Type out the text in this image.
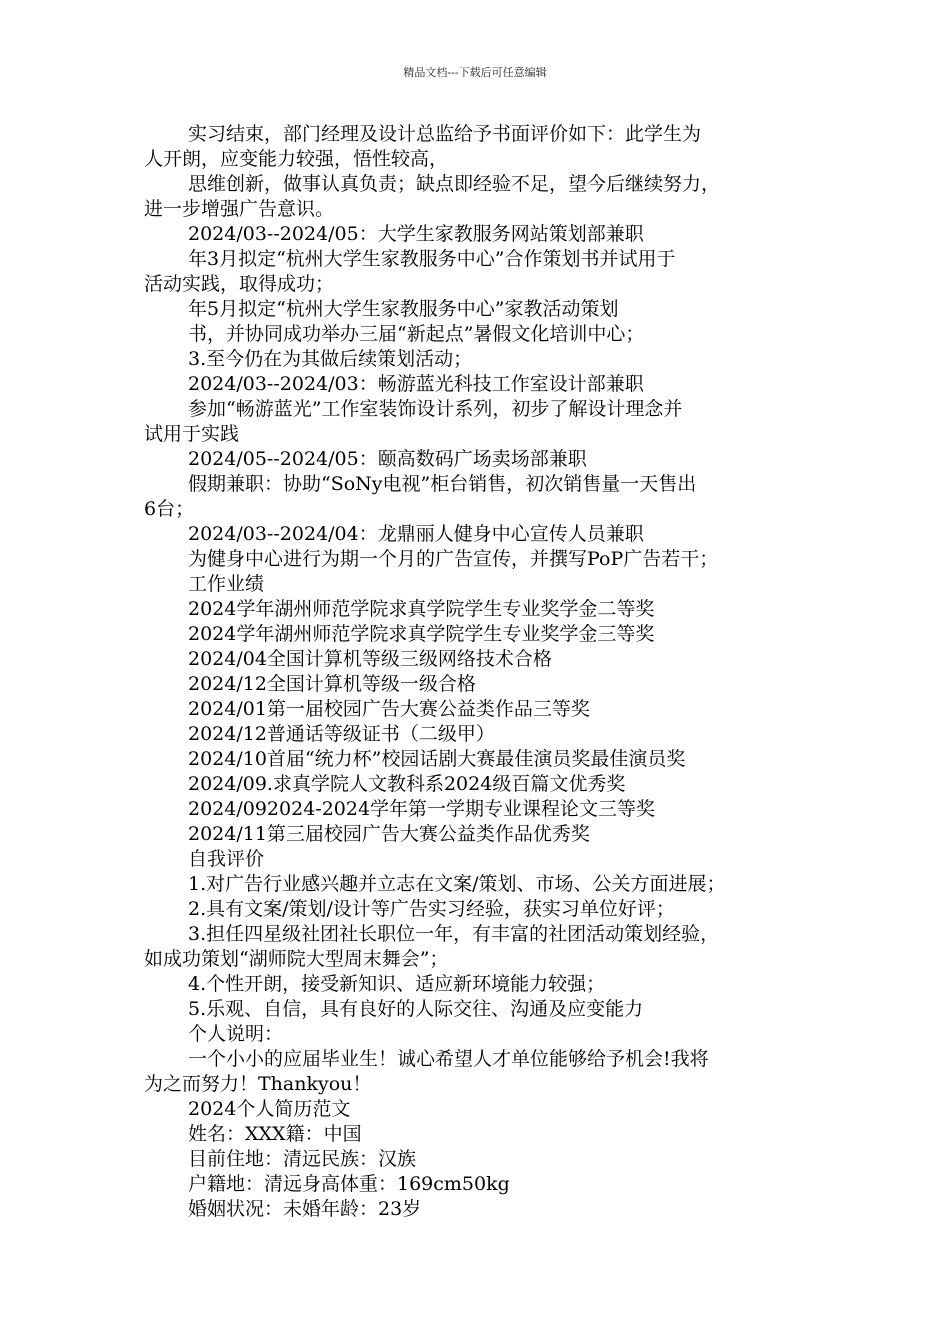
精品文档---下载后可任意编辑

实习结束，部门经理及设计总监给予书面评价如下：此学生为

人开朗，应变能力较强，悟性较高，

思维创新，做事认真负责；缺点即经验不足，望今后继续努力，

进一步增强广告意识。

2024/03--2024/05：大学生家教服务网站策划部兼职

年3月拟定“杭州大学生家教服务中心”合作策划书并试用于

活动实践，取得成功；

年5月拟定“杭州大学生家教服务中心”家教活动策划

书，并协同成功举办三届“新起点”暑假文化培训中心；

3.至今仍在为其做后续策划活动；

2024/03--2024/03：畅游蓝光科技工作室设计部兼职

参加“畅游蓝光”工作室装饰设计系列，初步了解设计理念并

试用于实践

2024/05--2024/05：颐高数码广场卖场部兼职

假期兼职：协助“SoNy电视”柜台销售，初次销售量一天售出

6台；

2024/03--2024/04：龙鼎丽人健身中心宣传人员兼职

为健身中心进行为期一个月的广告宣传，并撰写PoP广告若干；

工作业绩

2024学年湖州师范学院求真学院学生专业奖学金二等奖

2024学年湖州师范学院求真学院学生专业奖学金三等奖

2024/04全国计算机等级三级网络技术合格

2024/12全国计算机等级一级合格

2024/01第一届校园广告大赛公益类作品三等奖

2024/12普通话等级证书（二级甲）

2024/10首届“统力杯”校园话剧大赛最佳演员奖最佳演员奖

2024/09.求真学院人文教科系2024级百篇文优秀奖

2024/092024-2024学年第一学期专业课程论文三等奖

2024/11第三届校园广告大赛公益类作品优秀奖

自我评价

1.对广告行业感兴趣并立志在文案/策划、市场、公关方面进展；

2.具有文案/策划/设计等广告实习经验，获实习单位好评；

3.担任四星级社团社长职位一年，有丰富的社团活动策划经验，

如成功策划“湖师院大型周末舞会”；

4.个性开朗，接受新知识、适应新环境能力较强；

5.乐观、自信，具有良好的人际交往、沟通及应变能力

个人说明：

一个小小的应届毕业生！诚心希望人才单位能够给予机会!我将

为之而努力！Thankyou！

2024个人简历范文

姓名：XXX籍：中国

目前住地：清远民族：汉族

户籍地：清远身高体重：169cm50kg

婚姻状况：未婚年龄：23岁
